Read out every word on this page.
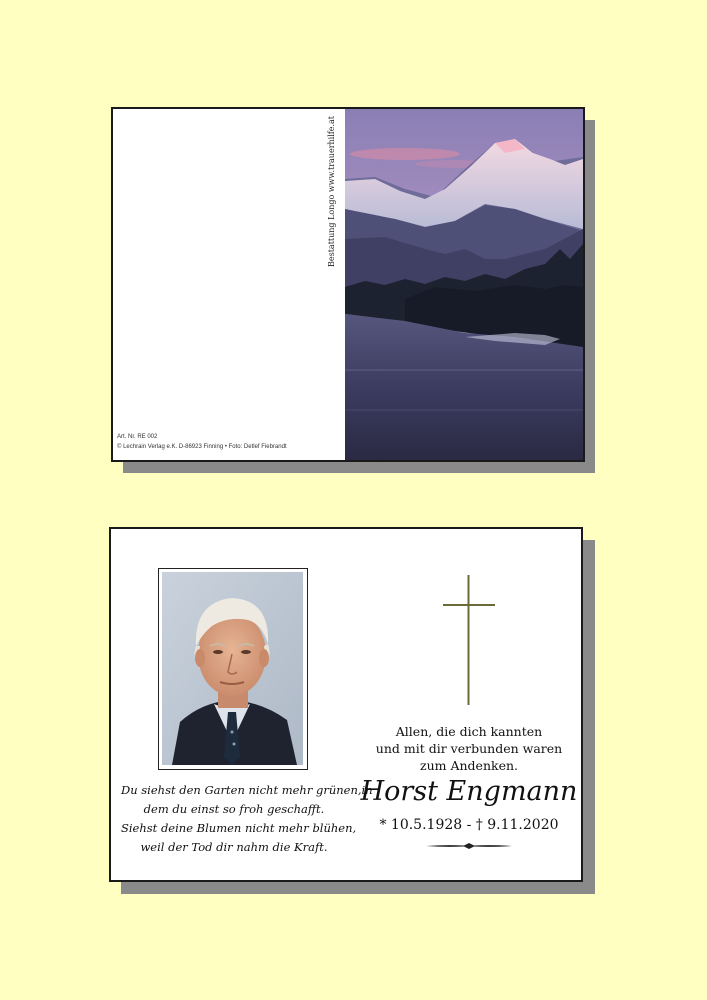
Bestattung Longo www.trauerhilfe.at
Art. Nr. RE 002
© Lechrain Verlag e.K. D-86923 Finning • Foto: Detlef Fiebrandt
Du siehst den Garten nicht mehr grünen,in
dem du einst so froh geschafft.
Siehst deine Blumen nicht mehr blühen,
weil der Tod dir nahm die Kraft.
Allen, die dich kannten
und mit dir verbunden waren
zum Andenken.
Horst Engmann
* 10.5.1928 - † 9.11.2020
